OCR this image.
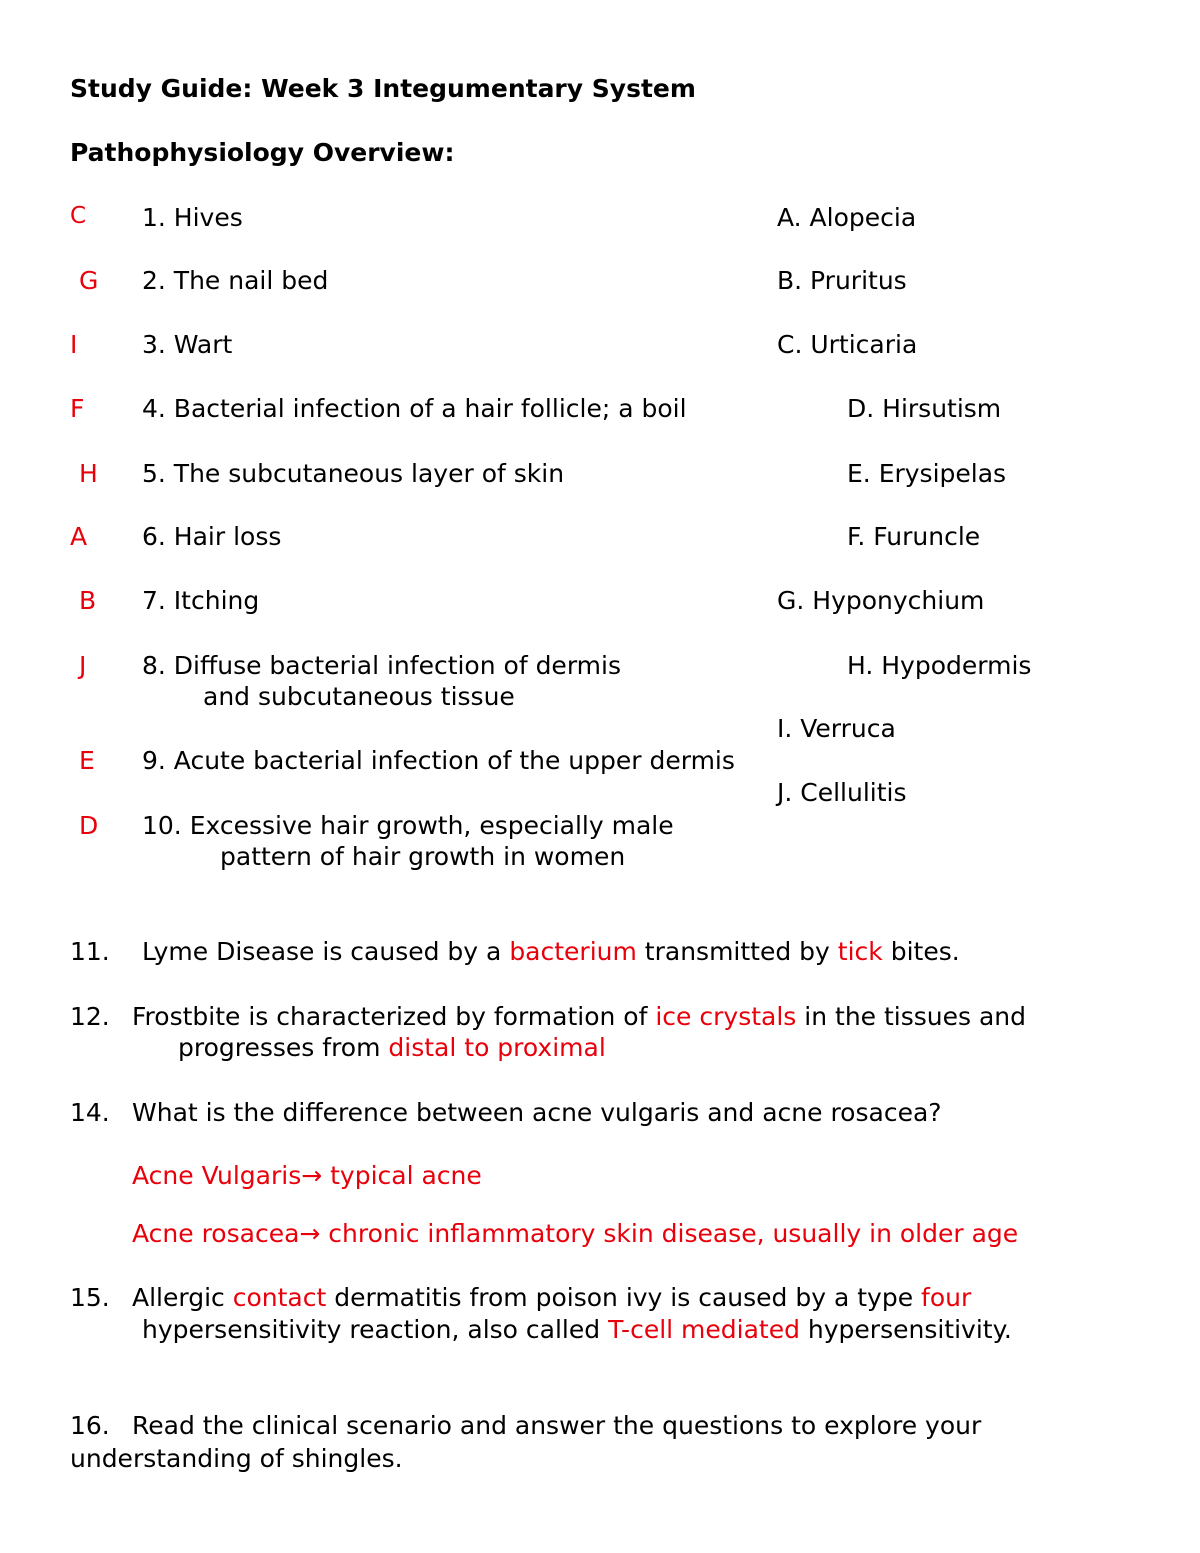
Study Guide: Week 3 Integumentary System
Pathophysiology Overview:
C
G
I
F
H
A
B
J
E
D
1. Hives
2. The nail bed
3. Wart
4. Bacterial infection of a hair follicle; a boil
5. The subcutaneous layer of skin
6. Hair loss
7. Itching
8. Diffuse bacterial infection of dermis
and subcutaneous tissue
9. Acute bacterial infection of the upper dermis
10. Excessive hair growth, especially male
pattern of hair growth in women
A. Alopecia
B. Pruritus
C. Urticaria
D. Hirsutism
E. Erysipelas
F. Furuncle
G. Hyponychium
H. Hypodermis
I. Verruca
J. Cellulitis
11. Lyme Disease is caused by a bacterium transmitted by tick bites.
12. Frostbite is characterized by formation of ice crystals in the tissues and
progresses from distal to proximal
14. What is the difference between acne vulgaris and acne rosacea?
Acne Vulgaris→ typical acne
Acne rosacea→ chronic inflammatory skin disease, usually in older age
15. Allergic contact dermatitis from poison ivy is caused by a type four
hypersensitivity reaction, also called T-cell mediated hypersensitivity.
16. Read the clinical scenario and answer the questions to explore your
understanding of shingles.
